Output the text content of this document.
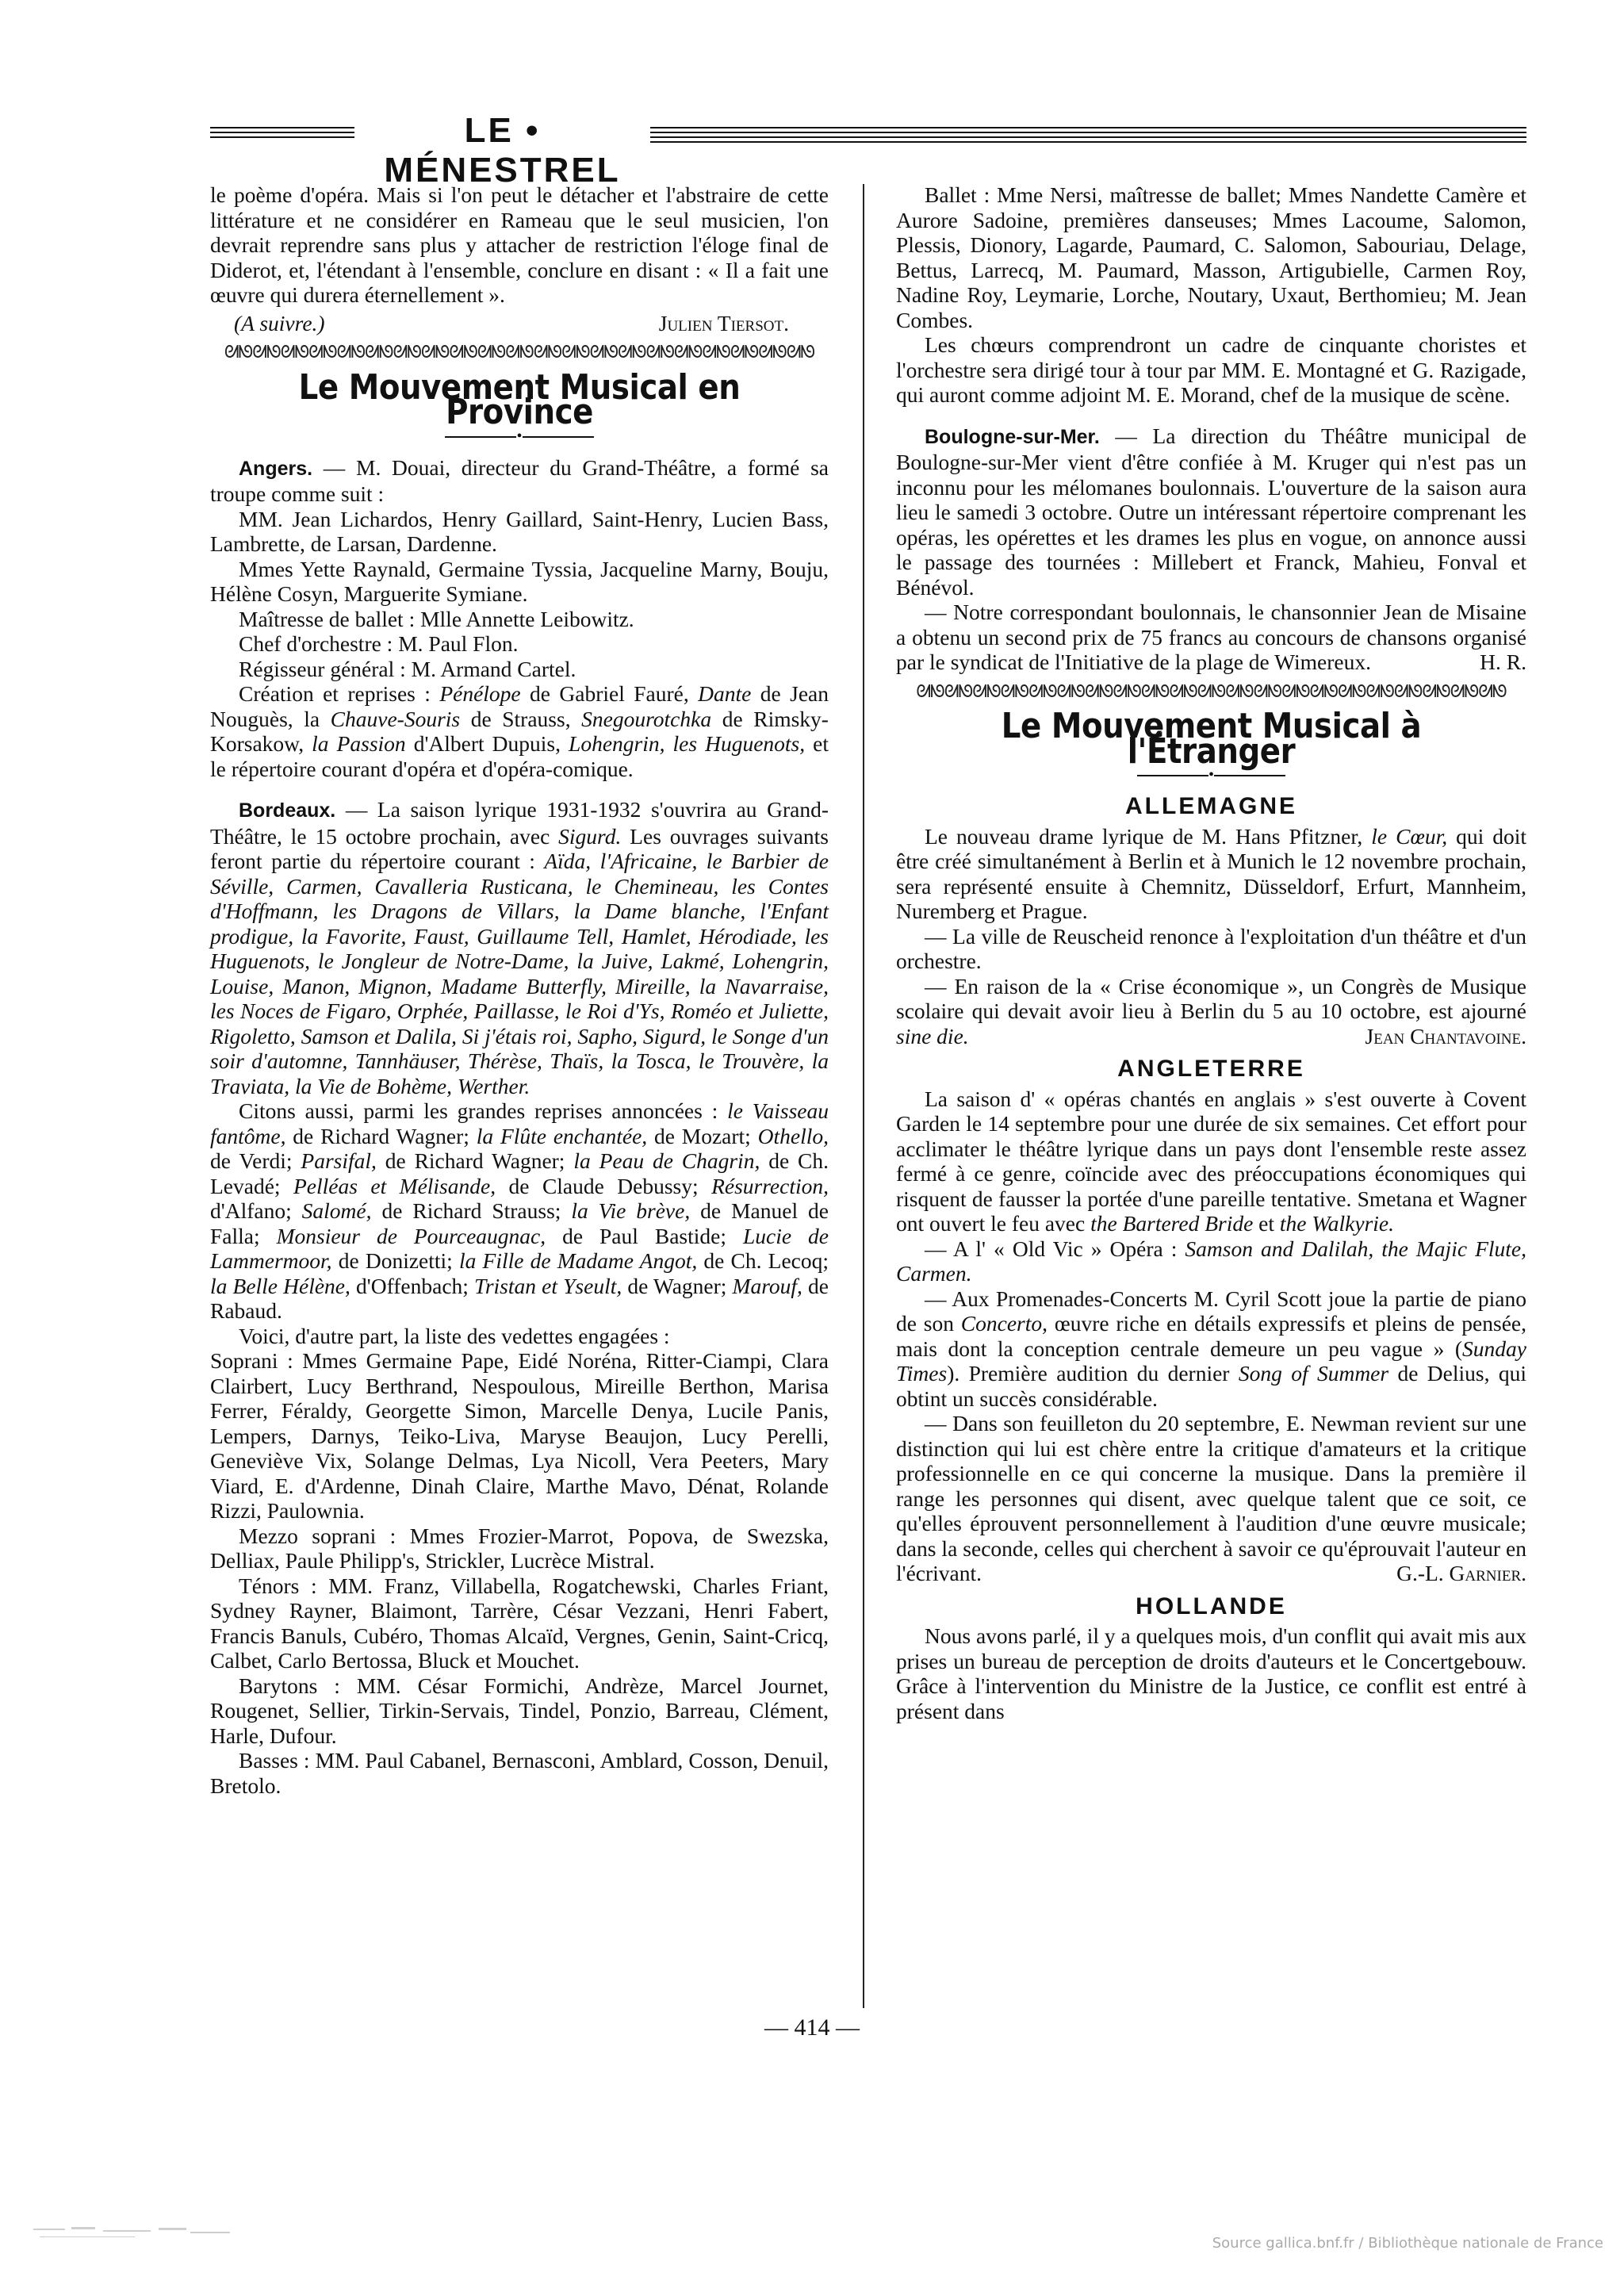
LE • MÉNESTREL

le poème d'opéra. Mais si l'on peut le détacher et l'abstraire de cette littérature et ne considérer en Rameau que le seul musicien, l'on devrait reprendre sans plus y attacher de restriction l'éloge final de Diderot, et, l'étendant à l'ensemble, conclure en disant : « Il a fait une œuvre qui durera éternellement ».

(A suivre.)	Julien Tiersot.
ᘛᘚᘛᘚᘛᘚᘛᘚᘛᘚᘛᘚᘛᘚᘛᘚᘛᘚᘛᘚᘛᘚᘛᘚᘛᘚᘛᘚᘛᘚᘛᘚᘛᘚᘛᘚᘛᘚᘛᘚᘛᘚ
Le Mouvement Musical en Province
•

Angers. — M. Douai, directeur du Grand-Théâtre, a formé sa troupe comme suit :

MM. Jean Lichardos, Henry Gaillard, Saint-Henry, Lucien Bass, Lambrette, de Larsan, Dardenne.

Mmes Yette Raynald, Germaine Tyssia, Jacqueline Marny, Bouju, Hélène Cosyn, Marguerite Symiane.

Maîtresse de ballet : Mlle Annette Leibowitz.

Chef d'orchestre : M. Paul Flon.

Régisseur général : M. Armand Cartel.

Création et reprises : Pénélope de Gabriel Fauré, Dante de Jean Nouguès, la Chauve-Souris de Strauss, Snegourotchka de Rimsky-Korsakow, la Passion d'Albert Dupuis, Lohengrin, les Huguenots, et le répertoire courant d'opéra et d'opéra-comique.

Bordeaux. — La saison lyrique 1931-1932 s'ouvrira au Grand-Théâtre, le 15 octobre prochain, avec Sigurd. Les ouvrages suivants feront partie du répertoire courant : Aïda, l'Africaine, le Barbier de Séville, Carmen, Cavalleria Rusticana, le Chemineau, les Contes d'Hoffmann, les Dragons de Villars, la Dame blanche, l'Enfant prodigue, la Favorite, Faust, Guillaume Tell, Hamlet, Hérodiade, les Huguenots, le Jongleur de Notre-Dame, la Juive, Lakmé, Lohengrin, Louise, Manon, Mignon, Madame Butterfly, Mireille, la Navarraise, les Noces de Figaro, Orphée, Paillasse, le Roi d'Ys, Roméo et Juliette, Rigoletto, Samson et Dalila, Si j'étais roi, Sapho, Sigurd, le Songe d'un soir d'automne, Tannhäuser, Thérèse, Thaïs, la Tosca, le Trouvère, la Traviata, la Vie de Bohème, Werther.

Citons aussi, parmi les grandes reprises annoncées : le Vaisseau fantôme, de Richard Wagner; la Flûte enchantée, de Mozart; Othello, de Verdi; Parsifal, de Richard Wagner; la Peau de Chagrin, de Ch. Levadé; Pelléas et Mélisande, de Claude Debussy; Résurrection, d'Alfano; Salomé, de Richard Strauss; la Vie brève, de Manuel de Falla; Monsieur de Pourceaugnac, de Paul Bastide; Lucie de Lammermoor, de Donizetti; la Fille de Madame Angot, de Ch. Lecoq; la Belle Hélène, d'Offenbach; Tristan et Yseult, de Wagner; Marouf, de Rabaud.

Voici, d'autre part, la liste des vedettes engagées :

Soprani : Mmes Germaine Pape, Eidé Noréna, Ritter-Ciampi, Clara Clairbert, Lucy Berthrand, Nespoulous, Mireille Berthon, Marisa Ferrer, Féraldy, Georgette Simon, Marcelle Denya, Lucile Panis, Lempers, Darnys, Teiko-Liva, Maryse Beaujon, Lucy Perelli, Geneviève Vix, Solange Delmas, Lya Nicoll, Vera Peeters, Mary Viard, E. d'Ardenne, Dinah Claire, Marthe Mavo, Dénat, Rolande Rizzi, Paulownia.

Mezzo soprani : Mmes Frozier-Marrot, Popova, de Swezska, Delliax, Paule Philipp's, Strickler, Lucrèce Mistral.

Ténors : MM. Franz, Villabella, Rogatchewski, Charles Friant, Sydney Rayner, Blaimont, Tarrère, César Vezzani, Henri Fabert, Francis Banuls, Cubéro, Thomas Alcaïd, Vergnes, Genin, Saint-Cricq, Calbet, Carlo Bertossa, Bluck et Mouchet.

Barytons : MM. César Formichi, Andrèze, Marcel Journet, Rougenet, Sellier, Tirkin-Servais, Tindel, Ponzio, Barreau, Clément, Harle, Dufour.

Basses : MM. Paul Cabanel, Bernasconi, Amblard, Cosson, Denuil, Bretolo.

Ballet : Mme Nersi, maîtresse de ballet; Mmes Nandette Camère et Aurore Sadoine, premières danseuses; Mmes Lacoume, Salomon, Plessis, Dionory, Lagarde, Paumard, C. Salomon, Sabouriau, Delage, Bettus, Larrecq, M. Paumard, Masson, Artigubielle, Carmen Roy, Nadine Roy, Leymarie, Lorche, Noutary, Uxaut, Berthomieu; M. Jean Combes.

Les chœurs comprendront un cadre de cinquante choristes et l'orchestre sera dirigé tour à tour par MM. E. Montagné et G. Razigade, qui auront comme adjoint M. E. Morand, chef de la musique de scène.

Boulogne-sur-Mer. — La direction du Théâtre municipal de Boulogne-sur-Mer vient d'être confiée à M. Kruger qui n'est pas un inconnu pour les mélomanes boulonnais. L'ouverture de la saison aura lieu le samedi 3 octobre. Outre un intéressant répertoire comprenant les opéras, les opérettes et les drames les plus en vogue, on annonce aussi le passage des tournées : Millebert et Franck, Mahieu, Fonval et Bénévol.

— Notre correspondant boulonnais, le chansonnier Jean de Misaine a obtenu un second prix de 75 francs au concours de chansons organisé par le syndicat de l'Initiative de la plage de Wimereux.	H. R.

ᘛᘚᘛᘚᘛᘚᘛᘚᘛᘚᘛᘚᘛᘚᘛᘚᘛᘚᘛᘚᘛᘚᘛᘚᘛᘚᘛᘚᘛᘚᘛᘚᘛᘚᘛᘚᘛᘚᘛᘚᘛᘚ
Le Mouvement Musical à l'Étranger
•
ALLEMAGNE

Le nouveau drame lyrique de M. Hans Pfitzner, le Cœur, qui doit être créé simultanément à Berlin et à Munich le 12 novembre prochain, sera représenté ensuite à Chemnitz, Düsseldorf, Erfurt, Mannheim, Nuremberg et Prague.

— La ville de Reuscheid renonce à l'exploitation d'un théâtre et d'un orchestre.

— En raison de la « Crise économique », un Congrès de Musique scolaire qui devait avoir lieu à Berlin du 5 au 10 octobre, est ajourné sine die.	Jean Chantavoine.

ANGLETERRE

La saison d' « opéras chantés en anglais » s'est ouverte à Covent Garden le 14 septembre pour une durée de six semaines. Cet effort pour acclimater le théâtre lyrique dans un pays dont l'ensemble reste assez fermé à ce genre, coïncide avec des préoccupations économiques qui risquent de fausser la portée d'une pareille tentative. Smetana et Wagner ont ouvert le feu avec the Bartered Bride et the Walkyrie.

— A l' « Old Vic » Opéra : Samson and Dalilah, the Majic Flute, Carmen.

— Aux Promenades-Concerts M. Cyril Scott joue la partie de piano de son Concerto, œuvre riche en détails expressifs et pleins de pensée, mais dont la conception centrale demeure un peu vague » (Sunday Times). Première audition du dernier Song of Summer de Delius, qui obtint un succès considérable.

— Dans son feuilleton du 20 septembre, E. Newman revient sur une distinction qui lui est chère entre la critique d'amateurs et la critique professionnelle en ce qui concerne la musique. Dans la première il range les personnes qui disent, avec quelque talent que ce soit, ce qu'elles éprouvent personnellement à l'audition d'une œuvre musicale; dans la seconde, celles qui cherchent à savoir ce qu'éprouvait l'auteur en l'écrivant.	G.-L. Garnier.

HOLLANDE

Nous avons parlé, il y a quelques mois, d'un conflit qui avait mis aux prises un bureau de perception de droits d'auteurs et le Concertgebouw. Grâce à l'intervention du Ministre de la Justice, ce conflit est entré à présent dans

— 414 —
Source gallica.bnf.fr / Bibliothèque nationale de France
